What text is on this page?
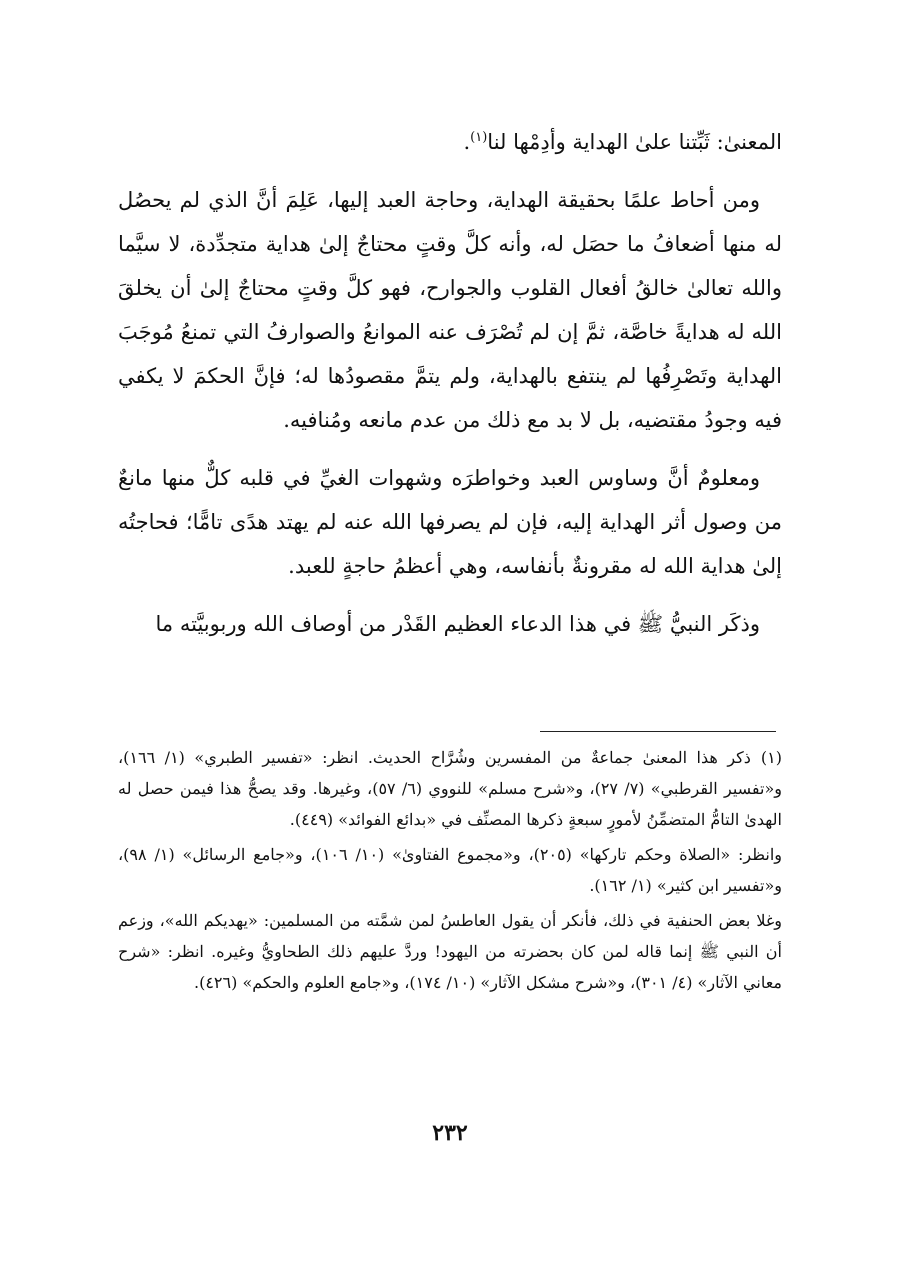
المعنىٰ: ثَبِّتنا علىٰ الهداية وأدِمْها لنا$^{(١)}$.

ومن أحاط علمًا بحقيقة الهداية، وحاجة العبد إليها، عَلِمَ أنَّ الذي لم يحصُل له منها أضعافُ ما حصَل له، وأنه كلَّ وقتٍ محتاجٌ إلىٰ هداية متجدِّدة، لا سيَّما والله تعالىٰ خالقُ أفعال القلوب والجوارح، فهو كلَّ وقتٍ محتاجٌ إلىٰ أن يخلقَ الله له هدايةً خاصَّة، ثمَّ إن لم تُصْرَف عنه الموانعُ والصوارفُ التي تمنعُ مُوجَبَ الهداية وتَصْرِفُها لم ينتفع بالهداية، ولم يتمَّ مقصودُها له؛ فإنَّ الحكمَ لا يكفي فيه وجودُ مقتضيه، بل لا بد مع ذلك من عدم مانعه ومُنافيه.

ومعلومٌ أنَّ وساوس العبد وخواطرَه وشهوات الغيِّ في قلبه كلٌّ منها مانعٌ من وصول أثر الهداية إليه، فإن لم يصرفها الله عنه لم يهتد هدًى تامًّا؛ فحاجتُه إلىٰ هداية الله له مقرونةٌ بأنفاسه، وهي أعظمُ حاجةٍ للعبد.

وذكَر النبيُّ ﷺ في هذا الدعاء العظيم القَدْر من أوصاف الله وربوبيَّته ما

(١)ذكر هذا المعنىٰ جماعةٌ من المفسرين وشُرَّاح الحديث. انظر: «تفسير الطبري» (١/ ١٦٦)، و«تفسير القرطبي» (٧/ ٢٧)، و«شرح مسلم» للنووي (٦/ ٥٧)، وغيرها. وقد يصحُّ هذا فيمن حصل له الهدىٰ التامُّ المتضمِّنُ لأمورٍ سبعةٍ ذكرها المصنِّف في «بدائع الفوائد» (٤٤٩).

وانظر: «الصلاة وحكم تاركها» (٢٠٥)، و«مجموع الفتاوىٰ» (١٠/ ١٠٦)، و«جامع الرسائل» (١/ ٩٨)، و«تفسير ابن كثير» (١/ ١٦٢).

وغلا بعض الحنفية في ذلك، فأنكر أن يقول العاطسُ لمن شمَّته من المسلمين: «يهديكم الله»، وزعم أن النبي ﷺ إنما قاله لمن كان بحضرته من اليهود! وردَّ عليهم ذلك الطحاويُّ وغيره. انظر: «شرح معاني الآثار» (٤/ ٣٠١)، و«شرح مشكل الآثار» (١٠/ ١٧٤)، و«جامع العلوم والحكم» (٤٢٦).

٢٣٢
